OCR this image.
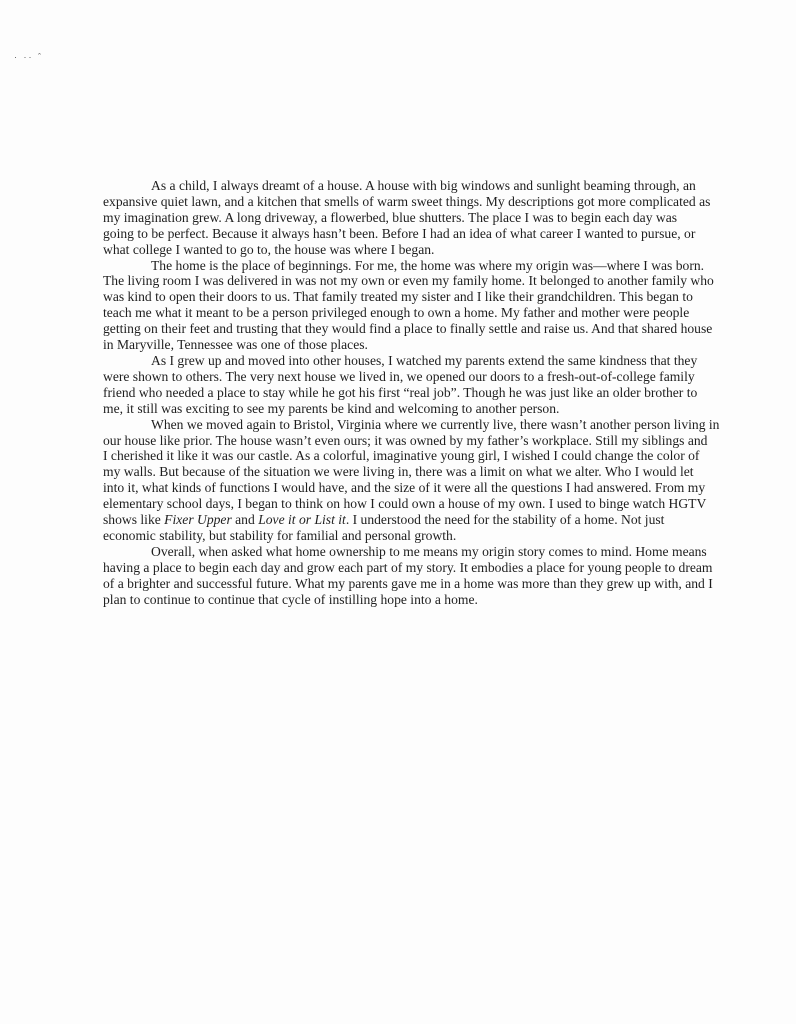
· ·· ˆ
As a child, I always dreamt of a house. A house with big windows and sunlight beaming through, an
expansive quiet lawn, and a kitchen that smells of warm sweet things. My descriptions got more complicated as
my imagination grew. A long driveway, a flowerbed, blue shutters. The place I was to begin each day was
going to be perfect. Because it always hasn’t been. Before I had an idea of what career I wanted to pursue, or
what college I wanted to go to, the house was where I began.
The home is the place of beginnings. For me, the home was where my origin was—where I was born.
The living room I was delivered in was not my own or even my family home. It belonged to another family who
was kind to open their doors to us. That family treated my sister and I like their grandchildren. This began to
teach me what it meant to be a person privileged enough to own a home. My father and mother were people
getting on their feet and trusting that they would find a place to finally settle and raise us. And that shared house
in Maryville, Tennessee was one of those places.
As I grew up and moved into other houses, I watched my parents extend the same kindness that they
were shown to others. The very next house we lived in, we opened our doors to a fresh-out-of-college family
friend who needed a place to stay while he got his first “real job”. Though he was just like an older brother to
me, it still was exciting to see my parents be kind and welcoming to another person.
When we moved again to Bristol, Virginia where we currently live, there wasn’t another person living in
our house like prior. The house wasn’t even ours; it was owned by my father’s workplace. Still my siblings and
I cherished it like it was our castle. As a colorful, imaginative young girl, I wished I could change the color of
my walls. But because of the situation we were living in, there was a limit on what we alter. Who I would let
into it, what kinds of functions I would have, and the size of it were all the questions I had answered. From my
elementary school days, I began to think on how I could own a house of my own. I used to binge watch HGTV
shows like Fixer Upper and Love it or List it. I understood the need for the stability of a home. Not just
economic stability, but stability for familial and personal growth.
Overall, when asked what home ownership to me means my origin story comes to mind. Home means
having a place to begin each day and grow each part of my story. It embodies a place for young people to dream
of a brighter and successful future. What my parents gave me in a home was more than they grew up with, and I
plan to continue to continue that cycle of instilling hope into a home.
